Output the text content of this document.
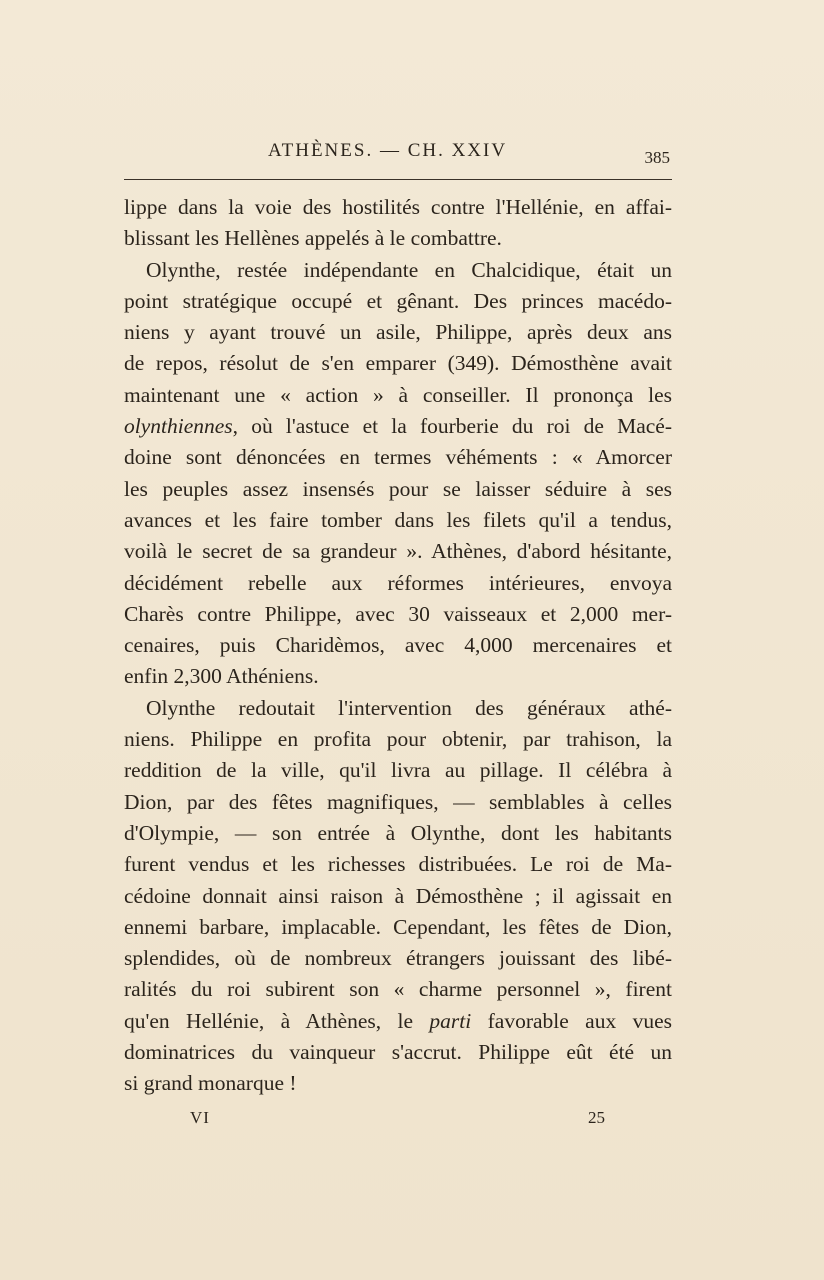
ATHÈNES. — CH. XXIV	385
lippe dans la voie des hostilités contre l'Hellénie, en affai-
blissant les Hellènes appelés à le combattre.
Olynthe, restée indépendante en Chalcidique, était un
point stratégique occupé et gênant. Des princes macédo-
niens y ayant trouvé un asile, Philippe, après deux ans
de repos, résolut de s'en emparer (349). Démosthène avait
maintenant une « action » à conseiller. Il prononça les
olynthiennes, où l'astuce et la fourberie du roi de Macé-
doine sont dénoncées en termes véhéments : « Amorcer
les peuples assez insensés pour se laisser séduire à ses
avances et les faire tomber dans les filets qu'il a tendus,
voilà le secret de sa grandeur ». Athènes, d'abord hésitante,
décidément rebelle aux réformes intérieures, envoya
Charès contre Philippe, avec 30 vaisseaux et 2,000 mer-
cenaires, puis Charidèmos, avec 4,000 mercenaires et
enfin 2,300 Athéniens.
Olynthe redoutait l'intervention des généraux athé-
niens. Philippe en profita pour obtenir, par trahison, la
reddition de la ville, qu'il livra au pillage. Il célébra à
Dion, par des fêtes magnifiques, — semblables à celles
d'Olympie, — son entrée à Olynthe, dont les habitants
furent vendus et les richesses distribuées. Le roi de Ma-
cédoine donnait ainsi raison à Démosthène ; il agissait en
ennemi barbare, implacable. Cependant, les fêtes de Dion,
splendides, où de nombreux étrangers jouissant des libé-
ralités du roi subirent son « charme personnel », firent
qu'en Hellénie, à Athènes, le parti favorable aux vues
dominatrices du vainqueur s'accrut. Philippe eût été un
si grand monarque !
VI	25
